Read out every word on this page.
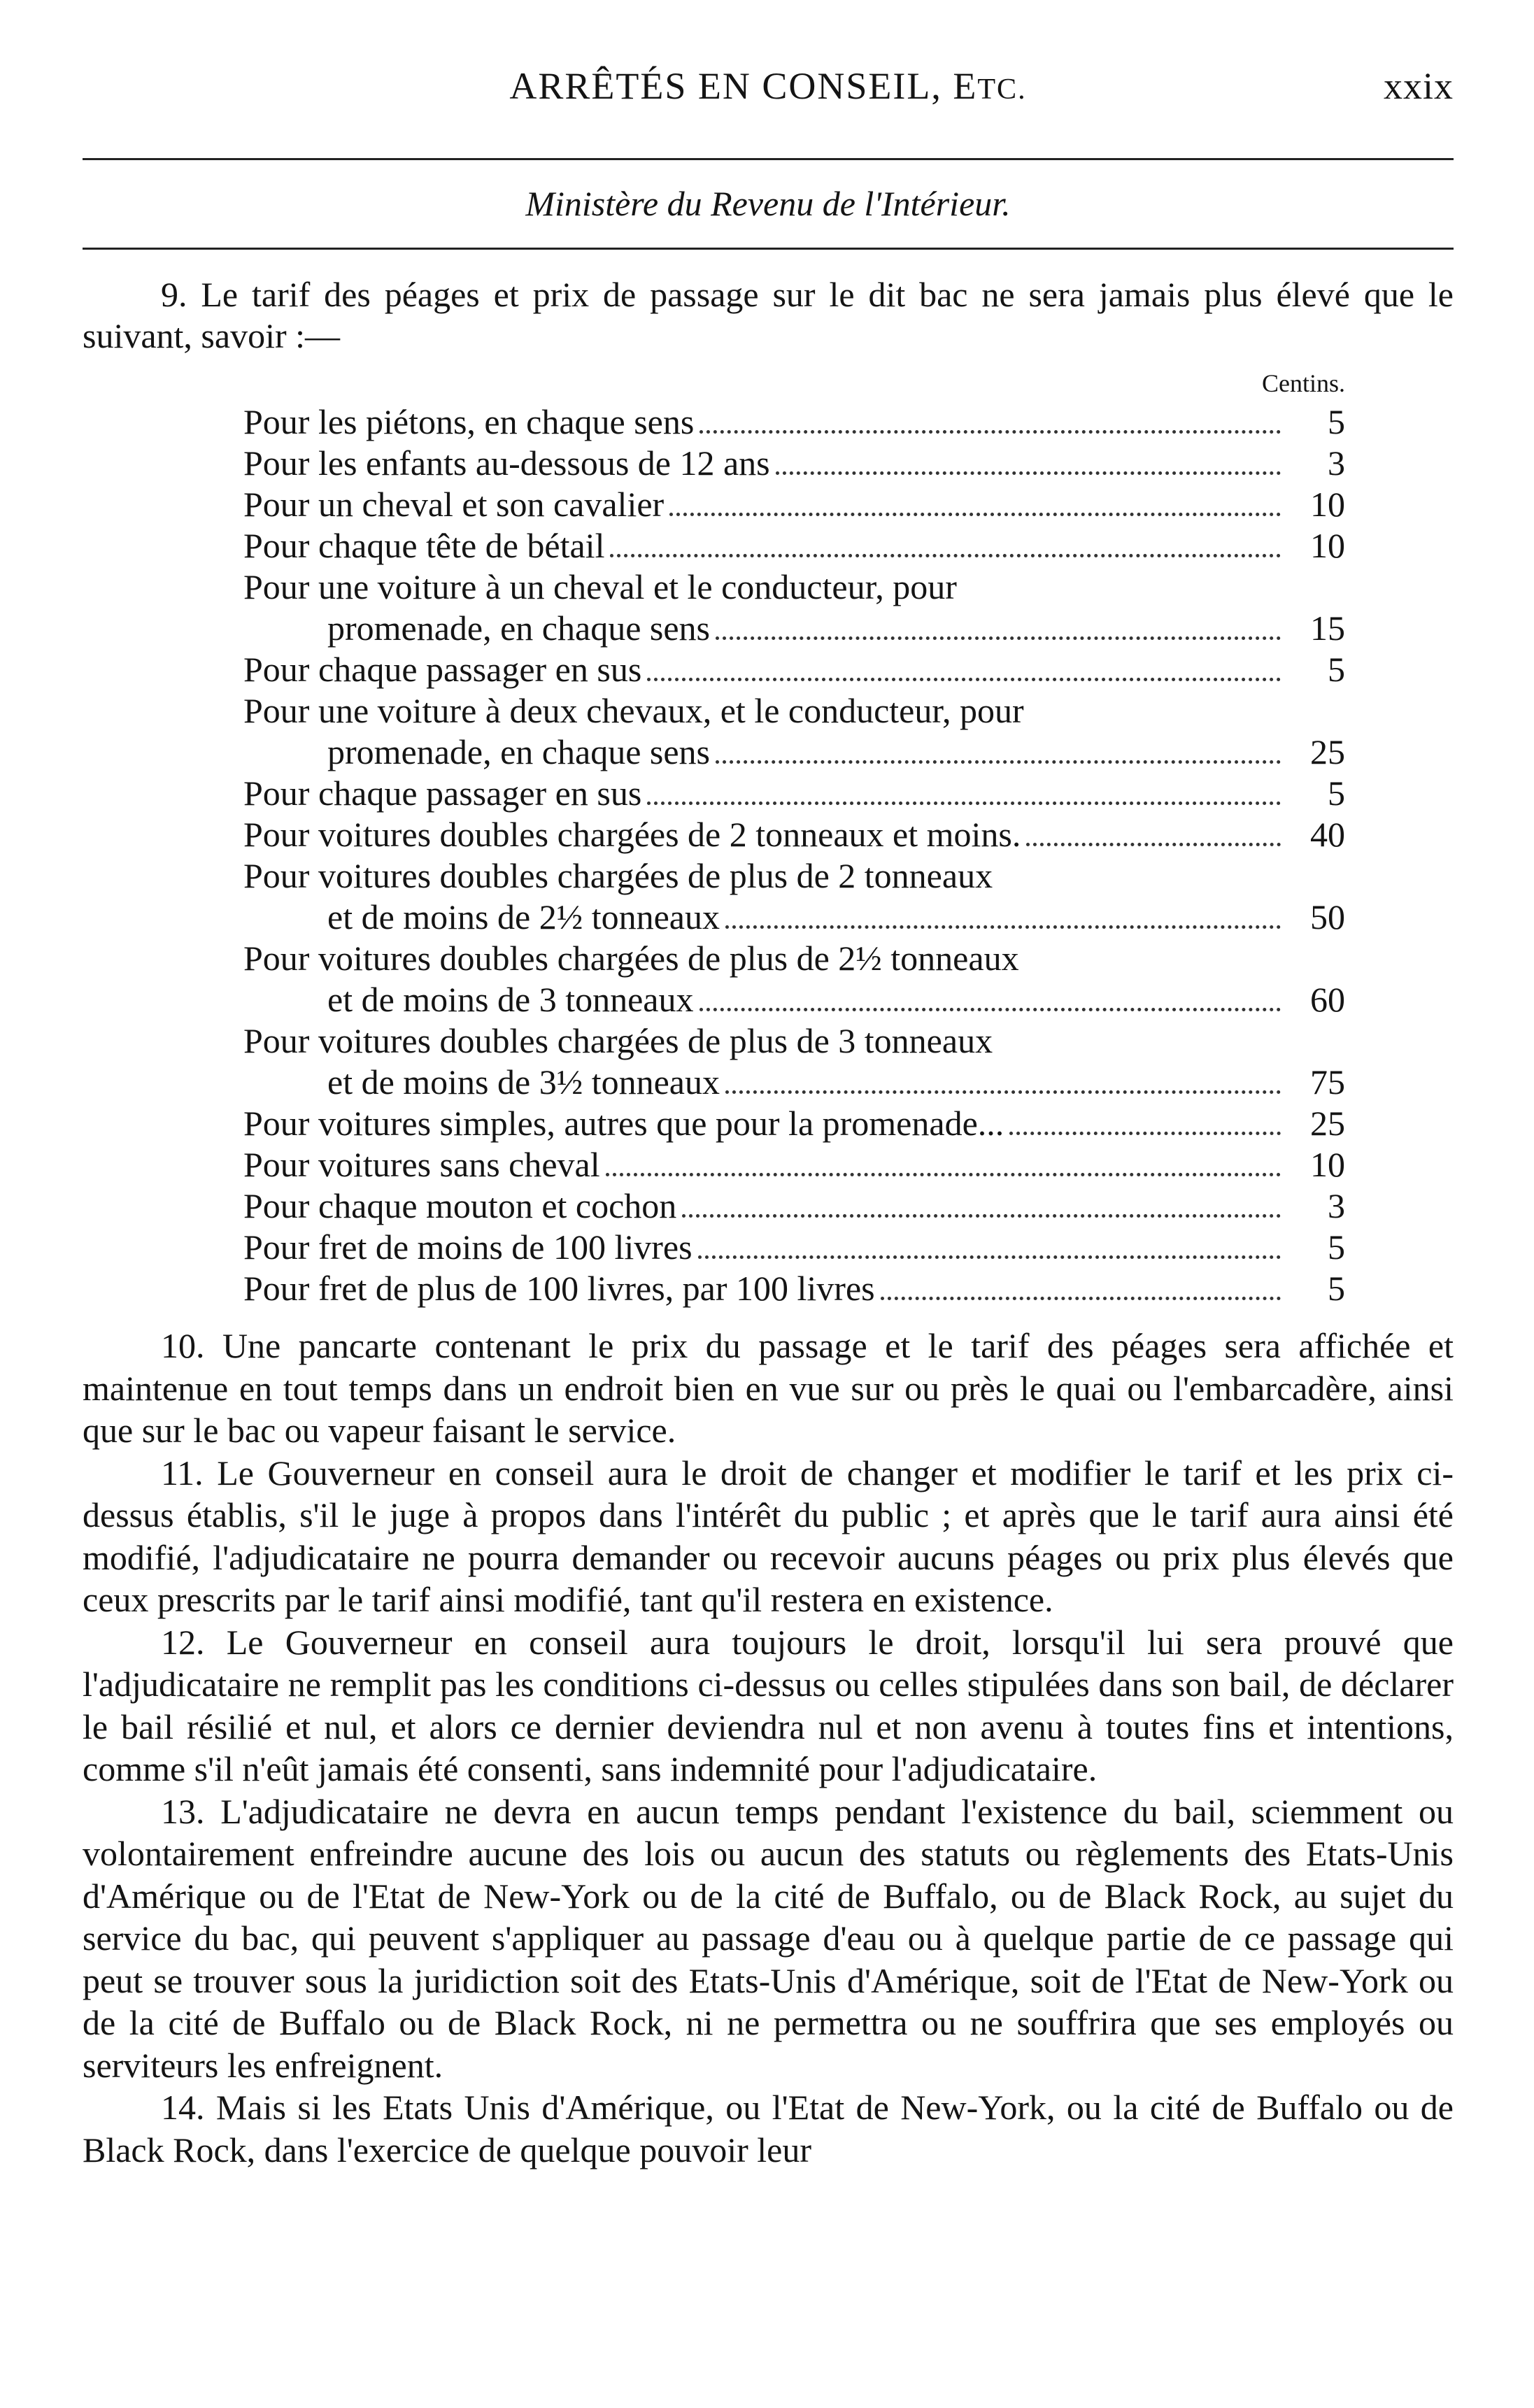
ARRÊTÉS EN CONSEIL, ETC.	xxix
Ministère du Revenu de l'Intérieur.

9. Le tarif des péages et prix de passage sur le dit bac ne sera jamais plus élevé que le suivant, savoir :—

Centins.
Pour les piétons, en chaque sens	5
Pour les enfants au-dessous de 12 ans	3
Pour un cheval et son cavalier	10
Pour chaque tête de bétail	10
Pour une voiture à un cheval et le conducteur, pour
promenade, en chaque sens	15
Pour chaque passager en sus	5
Pour une voiture à deux chevaux, et le conducteur, pour
promenade, en chaque sens	25
Pour chaque passager en sus	5
Pour voitures doubles chargées de 2 tonneaux et moins.	40
Pour voitures doubles chargées de plus de 2 tonneaux
et de moins de 2½ tonneaux	50
Pour voitures doubles chargées de plus de 2½ tonneaux
et de moins de 3 tonneaux	60
Pour voitures doubles chargées de plus de 3 tonneaux
et de moins de 3½ tonneaux	75
Pour voitures simples, autres que pour la promenade...	25
Pour voitures sans cheval	10
Pour chaque mouton et cochon	3
Pour fret de moins de 100 livres	5
Pour fret de plus de 100 livres, par 100 livres	5

10. Une pancarte contenant le prix du passage et le tarif des péages sera affichée et maintenue en tout temps dans un endroit bien en vue sur ou près le quai ou l'embarcadère, ainsi que sur le bac ou vapeur faisant le service.

11. Le Gouverneur en conseil aura le droit de changer et modifier le tarif et les prix ci-dessus établis, s'il le juge à propos dans l'intérêt du public ; et après que le tarif aura ainsi été modifié, l'adjudicataire ne pourra demander ou recevoir aucuns péages ou prix plus élevés que ceux prescrits par le tarif ainsi modifié, tant qu'il restera en existence.

12. Le Gouverneur en conseil aura toujours le droit, lorsqu'il lui sera prouvé que l'adjudicataire ne remplit pas les conditions ci-dessus ou celles stipulées dans son bail, de déclarer le bail résilié et nul, et alors ce dernier deviendra nul et non avenu à toutes fins et intentions, comme s'il n'eût jamais été consenti, sans indemnité pour l'adjudicataire.

13. L'adjudicataire ne devra en aucun temps pendant l'existence du bail, sciemment ou volontairement enfreindre aucune des lois ou aucun des statuts ou règlements des Etats-Unis d'Amérique ou de l'Etat de New-York ou de la cité de Buffalo, ou de Black Rock, au sujet du service du bac, qui peuvent s'appliquer au passage d'eau ou à quelque partie de ce passage qui peut se trouver sous la juridiction soit des Etats-Unis d'Amérique, soit de l'Etat de New-York ou de la cité de Buffalo ou de Black Rock, ni ne permettra ou ne souffrira que ses employés ou serviteurs les enfreignent.

14. Mais si les Etats Unis d'Amérique, ou l'Etat de New-York, ou la cité de Buffalo ou de Black Rock, dans l'exercice de quelque pouvoir leur
